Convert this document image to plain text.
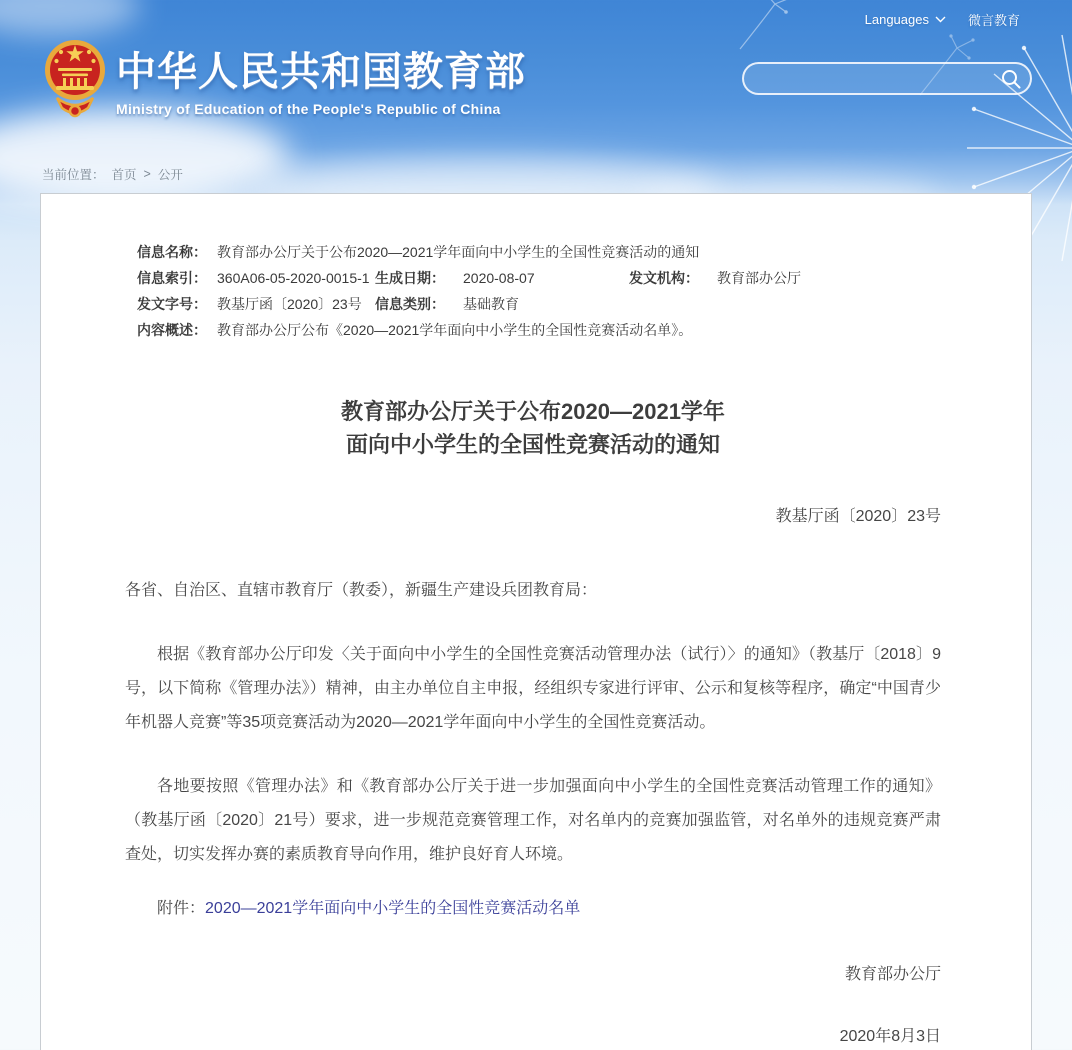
中华人民共和国教育部
Ministry of Education of the People's Republic of China
Languages	微言教育
当前位置： 首页 > 公开
信息名称： 教育部办公厅关于公布2020—2021学年面向中小学生的全国性竞赛活动的通知
信息索引： 360A06-05-2020-0015-1 生成日期：	2020-08-07	发文机构：	教育部办公厅
发文字号： 教基厅函〔2020〕23号 信息类别：	基础教育
内容概述： 教育部办公厅公布《2020—2021学年面向中小学生的全国性竞赛活动名单》。
教育部办公厅关于公布2020—2021学年
面向中小学生的全国性竞赛活动的通知
教基厅函〔2020〕23号
各省、自治区、直辖市教育厅（教委），新疆生产建设兵团教育局：
根据《教育部办公厅印发〈关于面向中小学生的全国性竞赛活动管理办法（试行）〉的通知》（教基厅〔2018〕9号，以下简称《管理办法》）精神，由主办单位自主申报，经组织专家进行评审、公示和复核等程序，确定“中国青少年机器人竞赛”等35项竞赛活动为2020—2021学年面向中小学生的全国性竞赛活动。
各地要按照《管理办法》和《教育部办公厅关于进一步加强面向中小学生的全国性竞赛活动管理工作的通知》（教基厅函〔2020〕21号）要求，进一步规范竞赛管理工作，对名单内的竞赛加强监管，对名单外的违规竞赛严肃查处，切实发挥办赛的素质教育导向作用，维护良好育人环境。
附件：2020—2021学年面向中小学生的全国性竞赛活动名单
教育部办公厅
2020年8月3日
